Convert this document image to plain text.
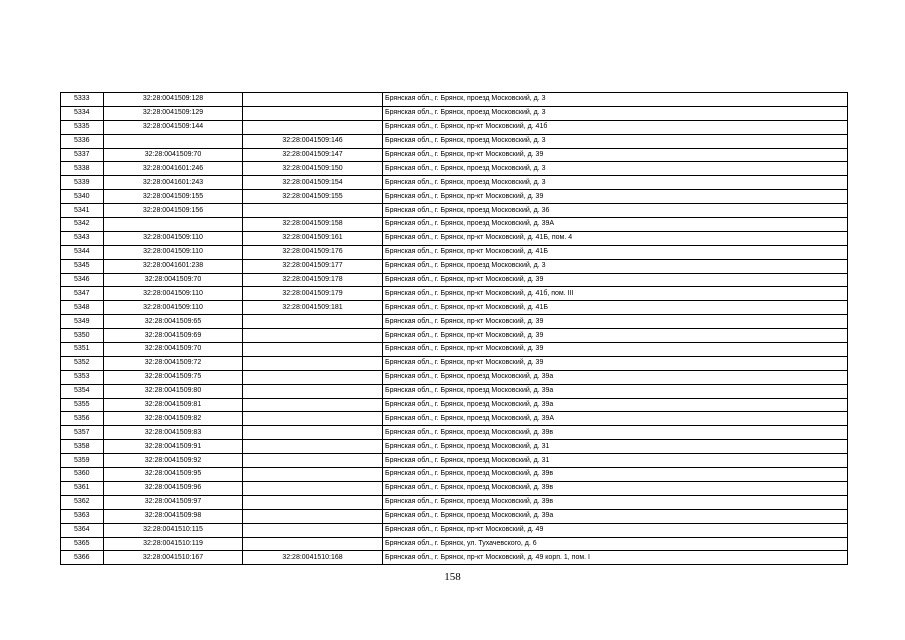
5333	32:28:0041509:128		Брянская обл., г. Брянск, проезд Московский, д. 3
5334	32:28:0041509:129		Брянская обл., г. Брянск, проезд Московский, д. 3
5335	32:28:0041509:144		Брянская обл., г. Брянск, пр-кт Московский, д. 41б
5336		32:28:0041509:146	Брянская обл., г. Брянск, проезд Московский, д. 3
5337	32:28:0041509:70	32:28:0041509:147	Брянская обл., г. Брянск, пр-кт Московский, д. 39
5338	32:28:0041601:246	32:28:0041509:150	Брянская обл., г. Брянск, проезд Московский, д. 3
5339	32:28:0041601:243	32:28:0041509:154	Брянская обл., г. Брянск, проезд Московский, д. 3
5340	32:28:0041509:155	32:28:0041509:155	Брянская обл., г. Брянск, пр-кт Московский, д. 39
5341	32:28:0041509:156		Брянская обл., г. Брянск, проезд Московский, д. 36
5342		32:28:0041509:158	Брянская обл., г. Брянск, проезд Московский, д. 39А
5343	32:28:0041509:110	32:28:0041509:161	Брянская обл., г. Брянск, пр-кт Московский, д. 41Б, пом. 4
5344	32:28:0041509:110	32:28:0041509:176	Брянская обл., г. Брянск, пр-кт Московский, д. 41Б
5345	32:28:0041601:238	32:28:0041509:177	Брянская обл., г. Брянск, проезд Московский, д. 3
5346	32:28:0041509:70	32:28:0041509:178	Брянская обл., г. Брянск, пр-кт Московский, д. 39
5347	32:28:0041509:110	32:28:0041509:179	Брянская обл., г. Брянск, пр-кт Московский, д. 41б, пом. III
5348	32:28:0041509:110	32:28:0041509:181	Брянская обл., г. Брянск, пр-кт Московский, д. 41Б
5349	32:28:0041509:65		Брянская обл., г. Брянск, пр-кт Московский, д. 39
5350	32:28:0041509:69		Брянская обл., г. Брянск, пр-кт Московский, д. 39
5351	32:28:0041509:70		Брянская обл., г. Брянск, пр-кт Московский, д. 39
5352	32:28:0041509:72		Брянская обл., г. Брянск, пр-кт Московский, д. 39
5353	32:28:0041509:75		Брянская обл., г. Брянск, проезд Московский, д. 39а
5354	32:28:0041509:80		Брянская обл., г. Брянск, проезд Московский, д. 39а
5355	32:28:0041509:81		Брянская обл., г. Брянск, проезд Московский, д. 39а
5356	32:28:0041509:82		Брянская обл., г. Брянск, проезд Московский, д. 39А
5357	32:28:0041509:83		Брянская обл., г. Брянск, проезд Московский, д. 39в
5358	32:28:0041509:91		Брянская обл., г. Брянск, проезд Московский, д. 31
5359	32:28:0041509:92		Брянская обл., г. Брянск, проезд Московский, д. 31
5360	32:28:0041509:95		Брянская обл., г. Брянск, проезд Московский, д. 39в
5361	32:28:0041509:96		Брянская обл., г. Брянск, проезд Московский, д. 39в
5362	32:28:0041509:97		Брянская обл., г. Брянск, проезд Московский, д. 39в
5363	32:28:0041509:98		Брянская обл., г. Брянск, проезд Московский, д. 39а
5364	32:28:0041510:115		Брянская обл., г. Брянск, пр-кт Московский, д. 49
5365	32:28:0041510:119		Брянская обл., г. Брянск, ул. Тухачевского, д. 6
5366	32:28:0041510:167	32:28:0041510:168	Брянская обл., г. Брянск, пр-кт Московский, д. 49 корп. 1, пом. I
158
